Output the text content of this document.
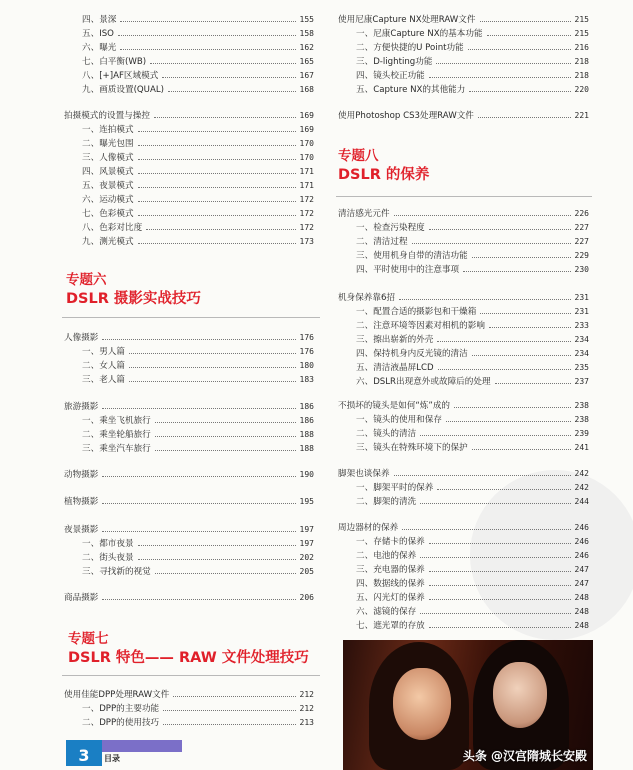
四、景深	155
五、ISO	158
六、曝光	162
七、白平衡(WB)	165
八、[+]AF区域模式	167
九、画质设置(QUAL)	168
拍摄模式的设置与操控	169
一、连拍模式	169
二、曝光包围	170
三、人像模式	170
四、风景模式	171
五、夜景模式	171
六、运动模式	172
七、色彩模式	172
八、色彩对比度	172
九、测光模式	173
人像摄影	176
一、男人篇	176
二、女人篇	180
三、老人篇	183
旅游摄影	186
一、乘坐飞机旅行	186
二、乘坐轮船旅行	188
三、乘坐汽车旅行	188
动物摄影	190
植物摄影	195
夜景摄影	197
一、都市夜景	197
二、街头夜景	202
三、寻找新的视觉	205
商品摄影	206
使用佳能DPP处理RAW文件	212
一、DPP的主要功能	212
二、DPP的使用技巧	213
使用尼康Capture NX处理RAW文件	215
一、尼康Capture NX的基本功能	215
二、方便快捷的U Point功能	216
三、D-lighting功能	218
四、镜头校正功能	218
五、Capture NX的其他能力	220
使用Photoshop CS3处理RAW文件	221
清洁感光元件	226
一、检查污染程度	227
二、清洁过程	227
三、使用机身自带的清洁功能	229
四、平时使用中的注意事项	230
机身保养靠6招	231
一、配置合适的摄影包和干燥箱	231
二、注意环境等因素对相机的影响	233
三、擦出崭新的外壳	234
四、保持机身内反光镜的清洁	234
五、清洁液晶屏LCD	235
六、DSLR出现意外或故障后的处理	237
不损坏的镜头是如何“炼”成的	238
一、镜头的使用和保存	238
二、镜头的清洁	239
三、镜头在特殊环境下的保护	241
脚架也谈保养	242
一、脚架平时的保养	242
二、脚架的清洗	244
周边器材的保养	246
一、存储卡的保养	246
二、电池的保养	246
三、充电器的保养	247
四、数据线的保养	247
五、闪光灯的保养	248
六、滤镜的保存	248
七、遮光罩的存放	248
专题六
DSLR 摄影实战技巧
专题七
DSLR 特色—— RAW 文件处理技巧
专题八
DSLR 的保养
头条 @汉宫隋城长安殿
3	目录
